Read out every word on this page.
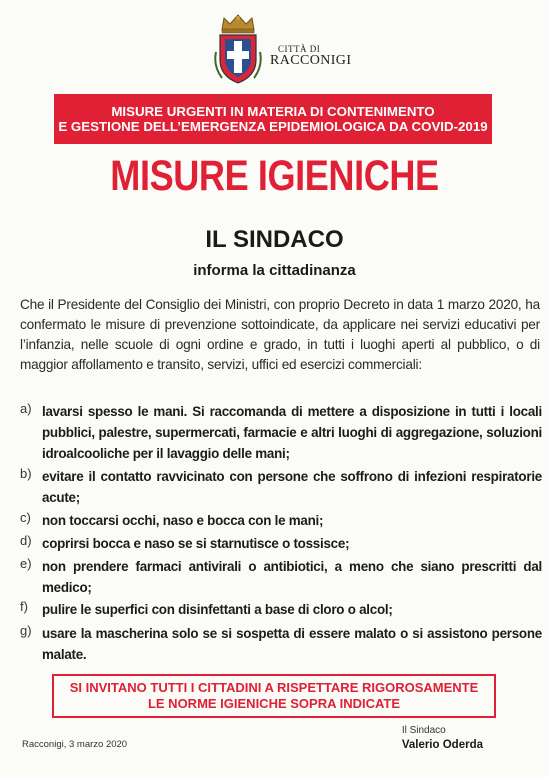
CITTÀ DI
RACCONIGI
MISURE URGENTI IN MATERIA DI CONTENIMENTO
E GESTIONE DELL’EMERGENZA EPIDEMIOLOGICA DA COVID-2019
MISURE IGIENICHE
IL SINDACO
informa la cittadinanza
Che il Presidente del Consiglio dei Ministri, con proprio Decreto in data 1 marzo 2020, ha confermato le misure di prevenzione sottoindicate, da applicare nei servizi educativi per l’infanzia, nelle scuole di ogni ordine e grado, in tutti i luoghi aperti al pubblico, o di maggior affollamento e transito, servizi, uffici ed esercizi commerciali:
a) lavarsi spesso le mani. Si raccomanda di mettere a disposizione in tutti i locali pubblici, palestre, supermercati, farmacie e altri luoghi di aggregazione, soluzioni idroalcooliche per il lavaggio delle mani;
b) evitare il contatto ravvicinato con persone che soffrono di infezioni respiratorie acute;
c) non toccarsi occhi, naso e bocca con le mani;
d) coprirsi bocca e naso se si starnutisce o tossisce;
e) non prendere farmaci antivirali o antibiotici, a meno che siano prescritti dal medico;
f)	pulire le superfici con disinfettanti a base di cloro o alcol;
g) usare la mascherina solo se si sospetta di essere malato o si assistono persone malate.
SI INVITANO TUTTI I CITTADINI A RISPETTARE RIGOROSAMENTE
LE NORME IGIENICHE SOPRA INDICATE
Racconigi, 3 marzo 2020
Il Sindaco
Valerio Oderda
